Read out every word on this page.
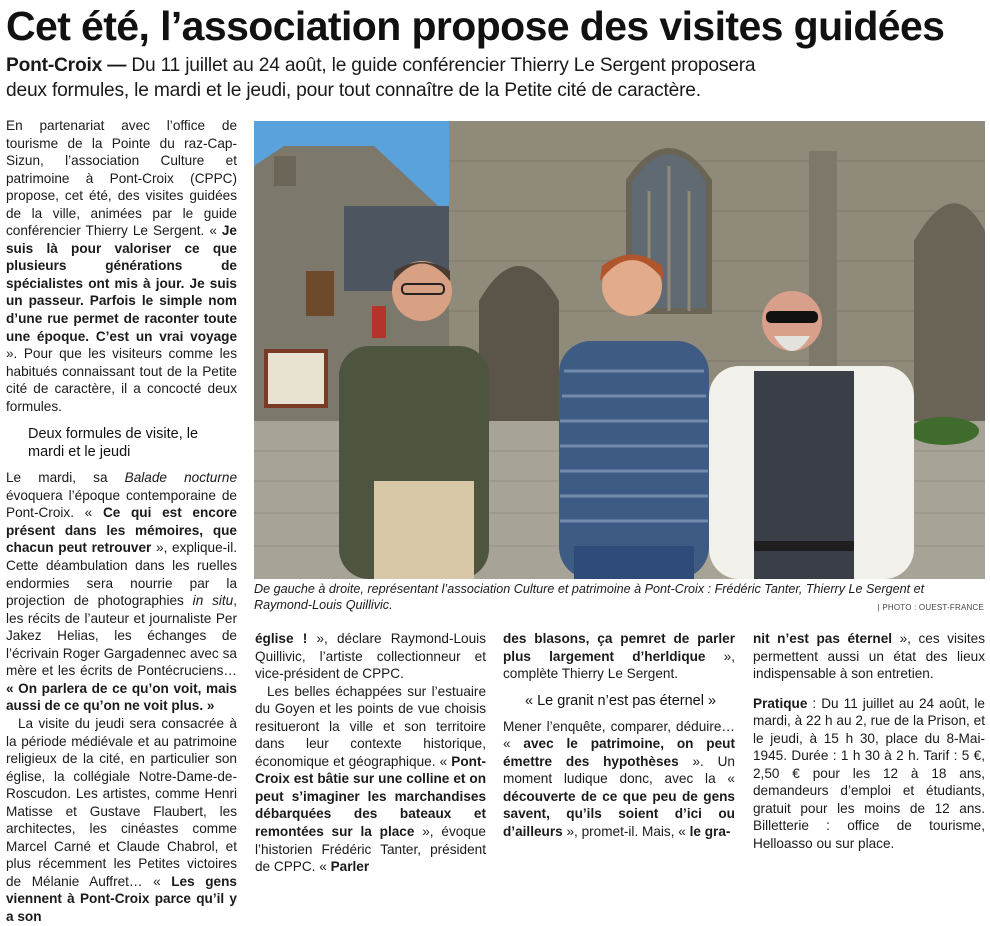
Cet été, l’association propose des visites guidées
Pont-Croix — Du 11 juillet au 24 août, le guide conférencier Thierry Le Sergent proposera deux formules, le mardi et le jeudi, pour tout connaître de la Petite cité de caractère.

En partenariat avec l’office de tourisme de la Pointe du raz-Cap-Sizun, l’association Culture et patrimoine à Pont-Croix (CPPC) propose, cet été, des visites guidées de la ville, animées par le guide conférencier Thierry Le Sergent. « Je suis là pour valoriser ce que plusieurs générations de spécialistes ont mis à jour. Je suis un passeur. Parfois le simple nom d’une rue permet de raconter toute une époque. C’est un vrai voyage ». Pour que les visiteurs comme les habitués connaissant tout de la Petite cité de caractère, il a concocté deux formules.

Deux formules de visite, le mardi et le jeudi

Le mardi, sa Balade nocturne évoquera l’époque contemporaine de Pont-Croix. « Ce qui est encore présent dans les mémoires, que chacun peut retrouver », explique-il. Cette déambulation dans les ruelles endormies sera nourrie par la projection de photographies in situ, les récits de l’auteur et journaliste Per Jakez Helias, les échanges de l’écrivain Roger Gargadennec avec sa mère et les écrits de Pontécruciens… « On parlera de ce qu’on voit, mais aussi de ce qu’on ne voit plus. »

La visite du jeudi sera consacrée à la période médiévale et au patrimoine religieux de la cité, en particulier son église, la collégiale Notre-Dame-de-Roscudon. Les artistes, comme Henri Matisse et Gustave Flaubert, les architectes, les cinéastes comme Marcel Carné et Claude Chabrol, et plus récemment les Petites victoires de Mélanie Auffret… « Les gens viennent à Pont-Croix parce qu’il y a son

De gauche à droite, représentant l’association Culture et patrimoine à Pont-Croix : Frédéric Tanter, Thierry Le Sergent et Raymond-Louis Quillivic.	| PHOTO : OUEST-FRANCE

église ! », déclare Raymond-Louis Quillivic, l’artiste collectionneur et vice-président de CPPC.

Les belles échappées sur l’estuaire du Goyen et les points de vue choisis resitueront la ville et son territoire dans leur contexte historique, économique et géographique. « Pont-Croix est bâtie sur une colline et on peut s’imaginer les marchandises débarquées des bateaux et remontées sur la place », évoque l’historien Frédéric Tanter, président de CPPC. « Parler

des blasons, ça pemret de parler plus largement d’herldique », complète Thierry Le Sergent.

« Le granit n’est pas éternel »

Mener l’enquête, comparer, déduire… « avec le patrimoine, on peut émettre des hypothèses ». Un moment ludique donc, avec la « découverte de ce que peu de gens savent, qu’ils soient d’ici ou d’ailleurs », promet-il. Mais, « le gra-

nit n’est pas éternel », ces visites permettent aussi un état des lieux indispensable à son entretien.

Pratique : Du 11 juillet au 24 août, le mardi, à 22 h au 2, rue de la Prison, et le jeudi, à 15 h 30, place du 8-Mai-1945. Durée : 1 h 30 à 2 h. Tarif : 5 €, 2,50 € pour les 12 à 18 ans, demandeurs d’emploi et étudiants, gratuit pour les moins de 12 ans. Billetterie : office de tourisme, Helloasso ou sur place.
